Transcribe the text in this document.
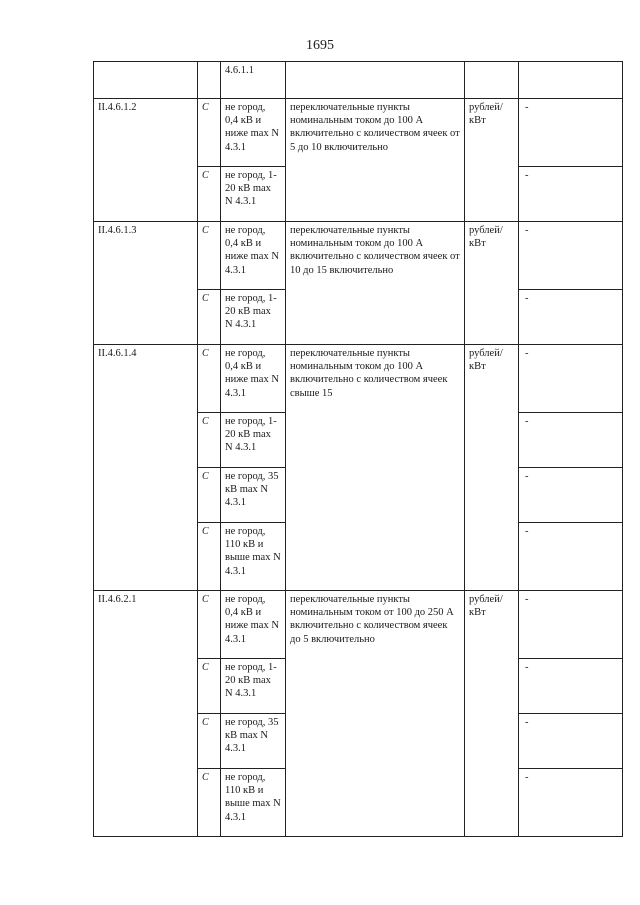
1695
		4.6.1.1			
II.4.6.1.2	С	не город, 0,4 кВ и ниже max N 4.3.1	переключательные пункты номинальным током до 100 А включительно с количеством ячеек от 5 до 10 включительно	рублей/ кВт	-
	С	не город, 1-20 кВ max N 4.3.1			-
II.4.6.1.3	С	не город, 0,4 кВ и ниже max N 4.3.1	переключательные пункты номинальным током до 100 А включительно с количеством ячеек от 10 до 15 включительно	рублей/ кВт	-
	С	не город, 1-20 кВ max N 4.3.1			-
II.4.6.1.4	С	не город, 0,4 кВ и ниже max N 4.3.1	переключательные пункты номинальным током до 100 А включительно с количеством ячеек свыше 15	рублей/ кВт	-
	С	не город, 1-20 кВ max N 4.3.1			-
	С	не город, 35 кВ max N 4.3.1			-
	С	не город, 110 кВ и выше max N 4.3.1			-
II.4.6.2.1	С	не город, 0,4 кВ и ниже max N 4.3.1	переключательные пункты номинальным током от 100 до 250 А включительно с количеством ячеек до 5 включительно	рублей/ кВт	-
	С	не город, 1-20 кВ max N 4.3.1			-
	С	не город, 35 кВ max N 4.3.1			-
	С	не город, 110 кВ и выше max N 4.3.1			-
